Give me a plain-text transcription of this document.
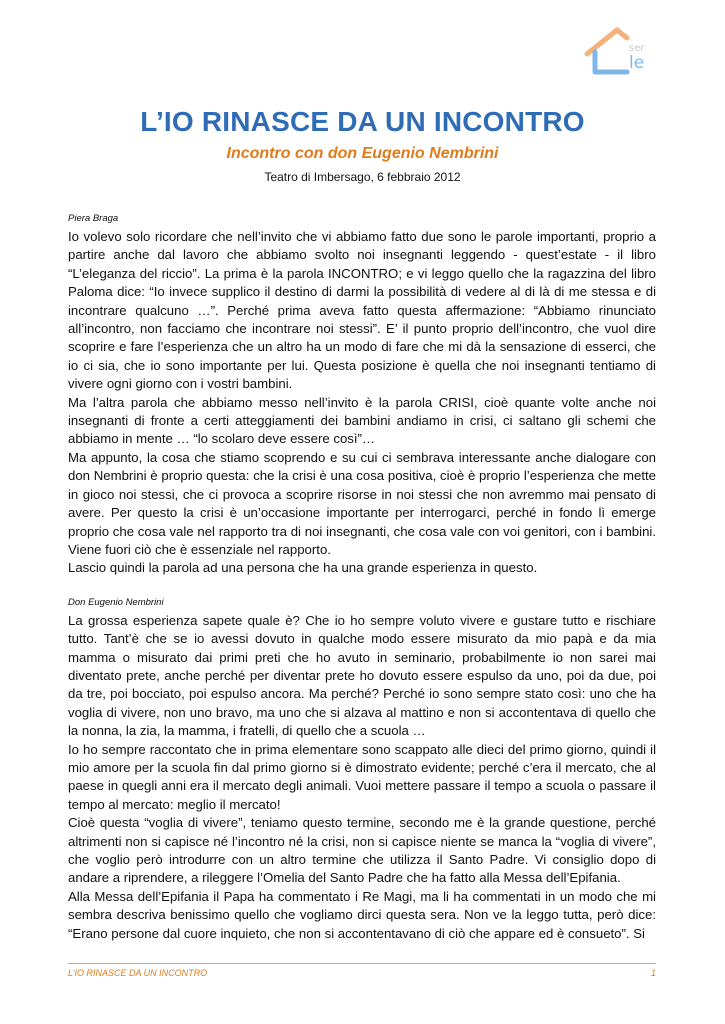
ser
le
L’IO RINASCE DA UN INCONTRO
Incontro con don Eugenio Nembrini
Teatro di Imbersago, 6 febbraio 2012
Piera Braga

Io volevo solo ricordare che nell’invito che vi abbiamo fatto due sono le parole importanti, proprio a partire anche dal lavoro che abbiamo svolto noi insegnanti leggendo - quest’estate - il libro “L’eleganza del riccio”. La prima è la parola INCONTRO; e vi leggo quello che la ragazzina del libro Paloma dice: “Io invece supplico il destino di darmi la possibilità di vedere al di là di me stessa e di incontrare qualcuno …”. Perché prima aveva fatto questa affermazione: “Abbiamo rinunciato all’incontro, non facciamo che incontrare noi stessi”. E’ il punto proprio dell’incontro, che vuol dire scoprire e fare l’esperienza che un altro ha un modo di fare che mi dà la sensazione di esserci, che io ci sia, che io sono importante per lui. Questa posizione è quella che noi insegnanti tentiamo di vivere ogni giorno con i vostri bambini.

Ma l’altra parola che abbiamo messo nell’invito è la parola CRISI, cioè quante volte anche noi insegnanti di fronte a certi atteggiamenti dei bambini andiamo in crisi, ci saltano gli schemi che abbiamo in mente … “lo scolaro deve essere così”…

Ma appunto, la cosa che stiamo scoprendo e su cui ci sembrava interessante anche dialogare con don Nembrini è proprio questa: che la crisi è una cosa positiva, cioè è proprio l’esperienza che mette in gioco noi stessi, che ci provoca a scoprire risorse in noi stessi che non avremmo mai pensato di avere. Per questo la crisi è un’occasione importante per interrogarci, perché in fondo lì emerge proprio che cosa vale nel rapporto tra di noi insegnanti, che cosa vale con voi genitori, con i bambini. Viene fuori ciò che è essenziale nel rapporto.

Lascio quindi la parola ad una persona che ha una grande esperienza in questo.

Don Eugenio Nembrini

La grossa esperienza sapete quale è? Che io ho sempre voluto vivere e gustare tutto e rischiare tutto. Tant’è che se io avessi dovuto in qualche modo essere misurato da mio papà e da mia mamma o misurato dai primi preti che ho avuto in seminario, probabilmente io non sarei mai diventato prete, anche perché per diventar prete ho dovuto essere espulso da uno, poi da due, poi da tre, poi bocciato, poi espulso ancora. Ma perché? Perché io sono sempre stato così: uno che ha voglia di vivere, non uno bravo, ma uno che si alzava al mattino e non si accontentava di quello che la nonna, la zia, la mamma, i fratelli, di quello che a scuola …

Io ho sempre raccontato che in prima elementare sono scappato alle dieci del primo giorno, quindi il mio amore per la scuola fin dal primo giorno si è dimostrato evidente; perché c’era il mercato, che al paese in quegli anni era il mercato degli animali. Vuoi mettere passare il tempo a scuola o passare il tempo al mercato: meglio il mercato!

Cioè questa “voglia di vivere”, teniamo questo termine, secondo me è la grande questione, perché altrimenti non si capisce né l’incontro né la crisi, non si capisce niente se manca la “voglia di vivere”, che voglio però introdurre con un altro termine che utilizza il Santo Padre. Vi consiglio dopo di andare a riprendere, a rileggere l’Omelia del Santo Padre che ha fatto alla Messa dell’Epifania.

Alla Messa dell’Epifania il Papa ha commentato i Re Magi, ma li ha commentati in un modo che mi sembra descriva benissimo quello che vogliamo dirci questa sera. Non ve la leggo tutta, però dice: “Erano persone dal cuore inquieto, che non si accontentavano di ciò che appare ed è consueto”. Si

L’IO RINASCE DA UN INCONTRO	1
